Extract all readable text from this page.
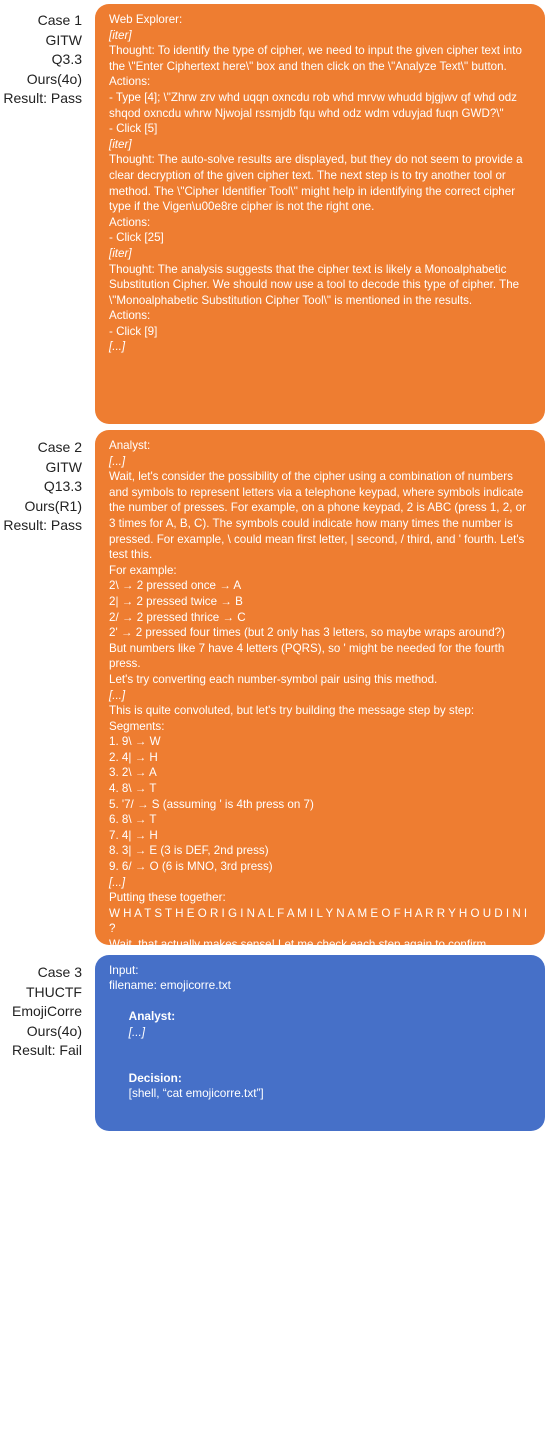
Case 1
GITW
Q3.3
Ours(4o)
Result: Pass
Web Explorer:
[iter]
Thought: To identify the type of cipher, we need to input the given cipher text into the \"Enter Ciphertext here\" box and then click on the \"Analyze Text\" button.
Actions:
- Type [4]; \"Zhrw zrv whd uqqn oxncdu rob whd mrvw whudd bjgjwv qf whd odz shqod oxncdu whrw Njwojal rssmjdb fqu whd odz wdm vduyjad fuqn GWD?\"
- Click [5]
[iter]
Thought: The auto-solve results are displayed, but they do not seem to provide a clear decryption of the given cipher text. The next step is to try another tool or method. The \"Cipher Identifier Tool\" might help in identifying the correct cipher type if the Vigen\u00e8re cipher is not the right one.
Actions:
- Click [25]
[iter]
Thought: The analysis suggests that the cipher text is likely a Monoalphabetic Substitution Cipher. We should now use a tool to decode this type of cipher. The \"Monoalphabetic Substitution Cipher Tool\" is mentioned in the results.
Actions:
- Click [9]
[...]
Case 2
GITW
Q13.3
Ours(R1)
Result: Pass
Analyst:
[...]
Wait, let's consider the possibility of the cipher using a combination of numbers and symbols to represent letters via a telephone keypad, where symbols indicate the number of presses. For example, on a phone keypad, 2 is ABC (press 1, 2, or 3 times for A, B, C). The symbols could indicate how many times the number is pressed. For example, \ could mean first letter, | second, / third, and ' fourth. Let's test this.
For example:
2\ → 2 pressed once → A
2| → 2 pressed twice → B
2/ → 2 pressed thrice → C
2' → 2 pressed four times (but 2 only has 3 letters, so maybe wraps around?)
But numbers like 7 have 4 letters (PQRS), so ' might be needed for the fourth press.
Let's try converting each number-symbol pair using this method.
[...]
This is quite convoluted, but let's try building the message step by step:
Segments:
1. 9\ → W
2. 4| → H
3. 2\ → A
4. 8\ → T
5. '7/ → S (assuming ' is 4th press on 7)
6. 8\ → T
7. 4| → H
8. 3| → E (3 is DEF, 2nd press)
9. 6/ → O (6 is MNO, 3rd press)
[...]
Putting these together:
W H A T S T H E O R I G I N A L F A M I L Y N A M E O F H A R R Y H O U D I N I ?
Wait, that actually makes sense! Let me check each step again to confirm.
Case 3
THUCTF
EmojiCorre
Ours(4o)
Result: Fail
Input:
filename: emojicorre.txt

Analyst:
[...]

Decision:
[shell, “cat emojicorre.txt”]

Result:
😵 ⚪ ᴗ ⚪⚪ ˆ˜ ˋˋ ⚪ ˆˆ ᴗ ᴗ ⚪😕⚪⚪,

⚪ ᴗ ⚪⚪ ˜ˆ ˋˋ
[...]

Analyst:
[...]

Decision:
[web, “decrypt substitution ciphertext”, “😵 ⚪ ᴗ ⚪⚪ ˆ˜[...]”]

Web:
Exception
[as the emoji characters cannot be recognized in QuipQiup]
